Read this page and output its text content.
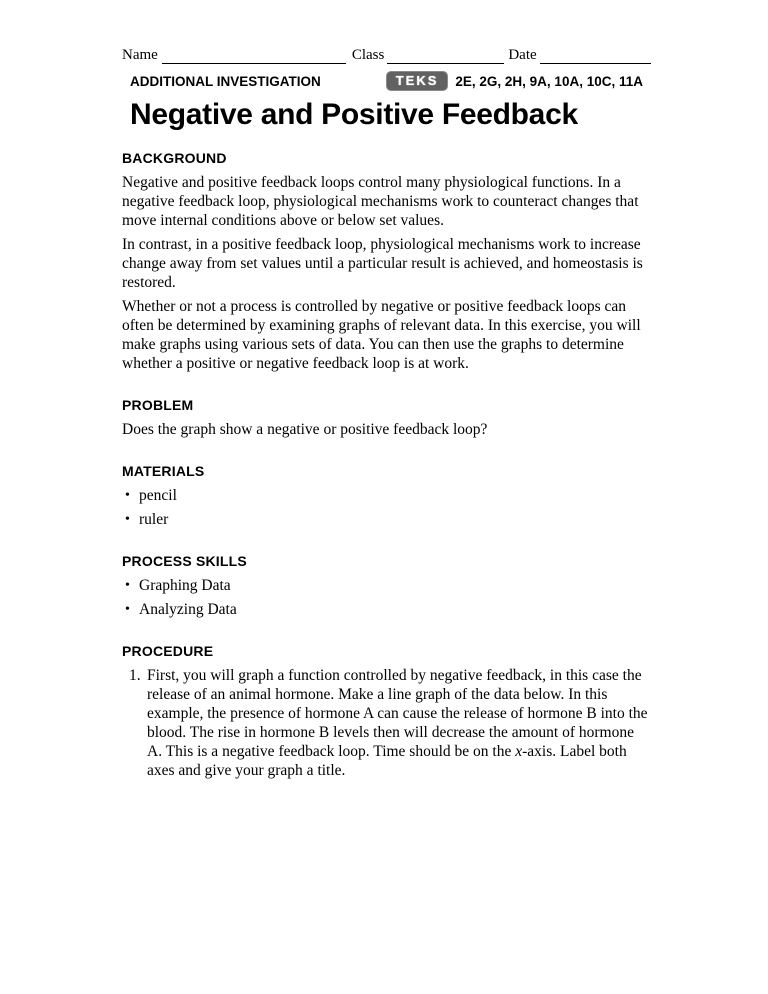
Name	Class	Date
ADDITIONAL INVESTIGATION	TEKS	2E, 2G, 2H, 9A, 10A, 10C, 11A
Negative and Positive Feedback
BACKGROUND

Negative and positive feedback loops control many physiological functions. In a negative feedback loop, physiological mechanisms work to counteract changes that move internal conditions above or below set values.

In contrast, in a positive feedback loop, physiological mechanisms work to increase change away from set values until a particular result is achieved, and homeostasis is restored.

Whether or not a process is controlled by negative or positive feedback loops can often be determined by examining graphs of relevant data. In this exercise, you will make graphs using various sets of data. You can then use the graphs to determine whether a positive or negative feedback loop is at work.

PROBLEM

Does the graph show a negative or positive feedback loop?

MATERIALS
•
pencil
•
ruler
PROCESS SKILLS
•
Graphing Data
•
Analyzing Data
PROCEDURE
1. First, you will graph a function controlled by negative feedback, in this case the release of an animal hormone. Make a line graph of the data below. In this example, the presence of hormone A can cause the release of hormone B into the blood. The rise in hormone B levels then will decrease the amount of hormone A. This is a negative feedback loop. Time should be on the x-axis. Label both axes and give your graph a title.
